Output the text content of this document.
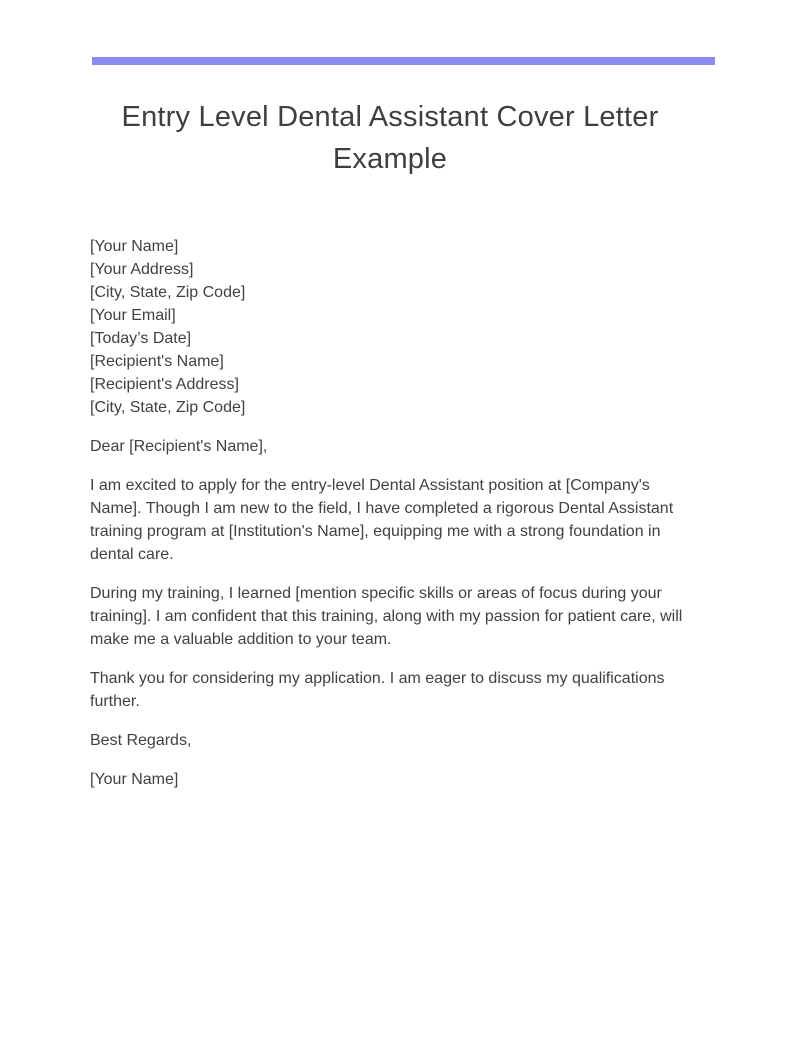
Entry Level Dental Assistant Cover Letter Example
[Your Name]
[Your Address]
[City, State, Zip Code]
[Your Email]
[Today’s Date]
[Recipient's Name]
[Recipient's Address]
[City, State, Zip Code]

Dear [Recipient's Name],

I am excited to apply for the entry-level Dental Assistant position at [Company's Name]. Though I am new to the field, I have completed a rigorous Dental Assistant training program at [Institution's Name], equipping me with a strong foundation in dental care.

During my training, I learned [mention specific skills or areas of focus during your training]. I am confident that this training, along with my passion for patient care, will make me a valuable addition to your team.

Thank you for considering my application. I am eager to discuss my qualifications further.

Best Regards,

[Your Name]
